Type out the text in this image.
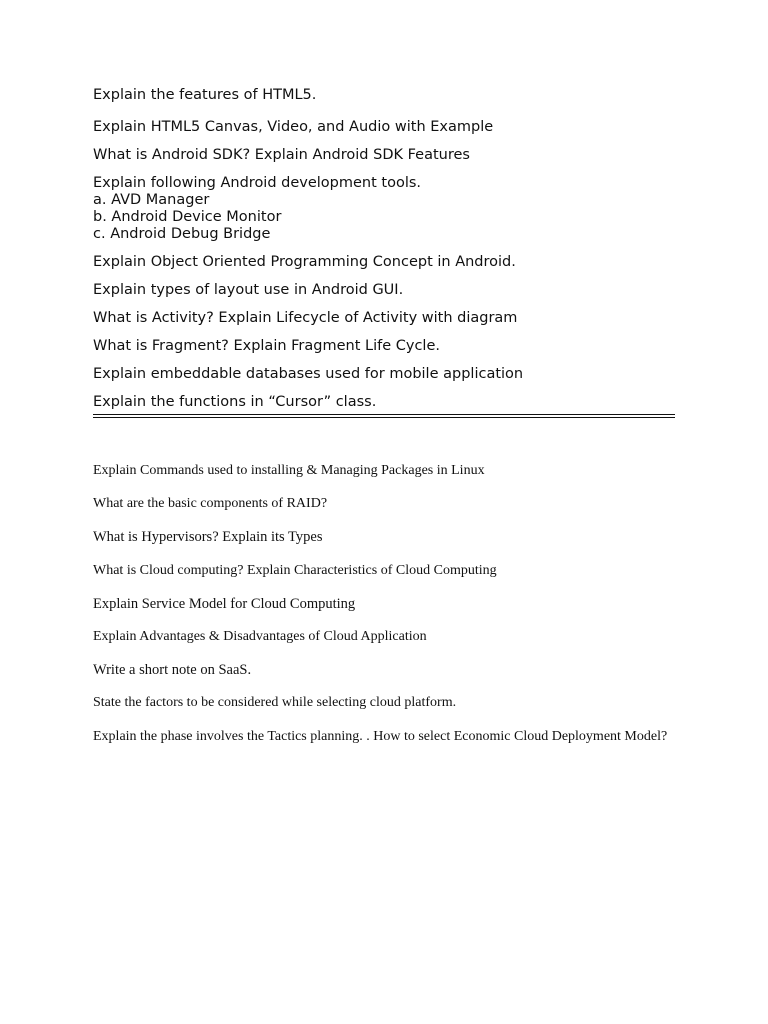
Explain the features of HTML5.

Explain HTML5 Canvas, Video, and Audio with Example

What is Android SDK? Explain Android SDK Features

Explain following Android development tools.
a. AVD Manager
b. Android Device Monitor
c. Android Debug Bridge

Explain Object Oriented Programming Concept in Android.

Explain types of layout use in Android GUI.

What is Activity? Explain Lifecycle of Activity with diagram

What is Fragment? Explain Fragment Life Cycle.

Explain embeddable databases used for mobile application

Explain the functions in “Cursor” class.

Explain Commands used to installing & Managing Packages in Linux

What are the basic components of RAID?

What is Hypervisors? Explain its Types

What is Cloud computing? Explain Characteristics of Cloud Computing

Explain Service Model for Cloud Computing

Explain Advantages & Disadvantages of Cloud Application

Write a short note on SaaS.

State the factors to be considered while selecting cloud platform.

Explain the phase involves the Tactics planning. . How to select Economic Cloud Deployment Model?
